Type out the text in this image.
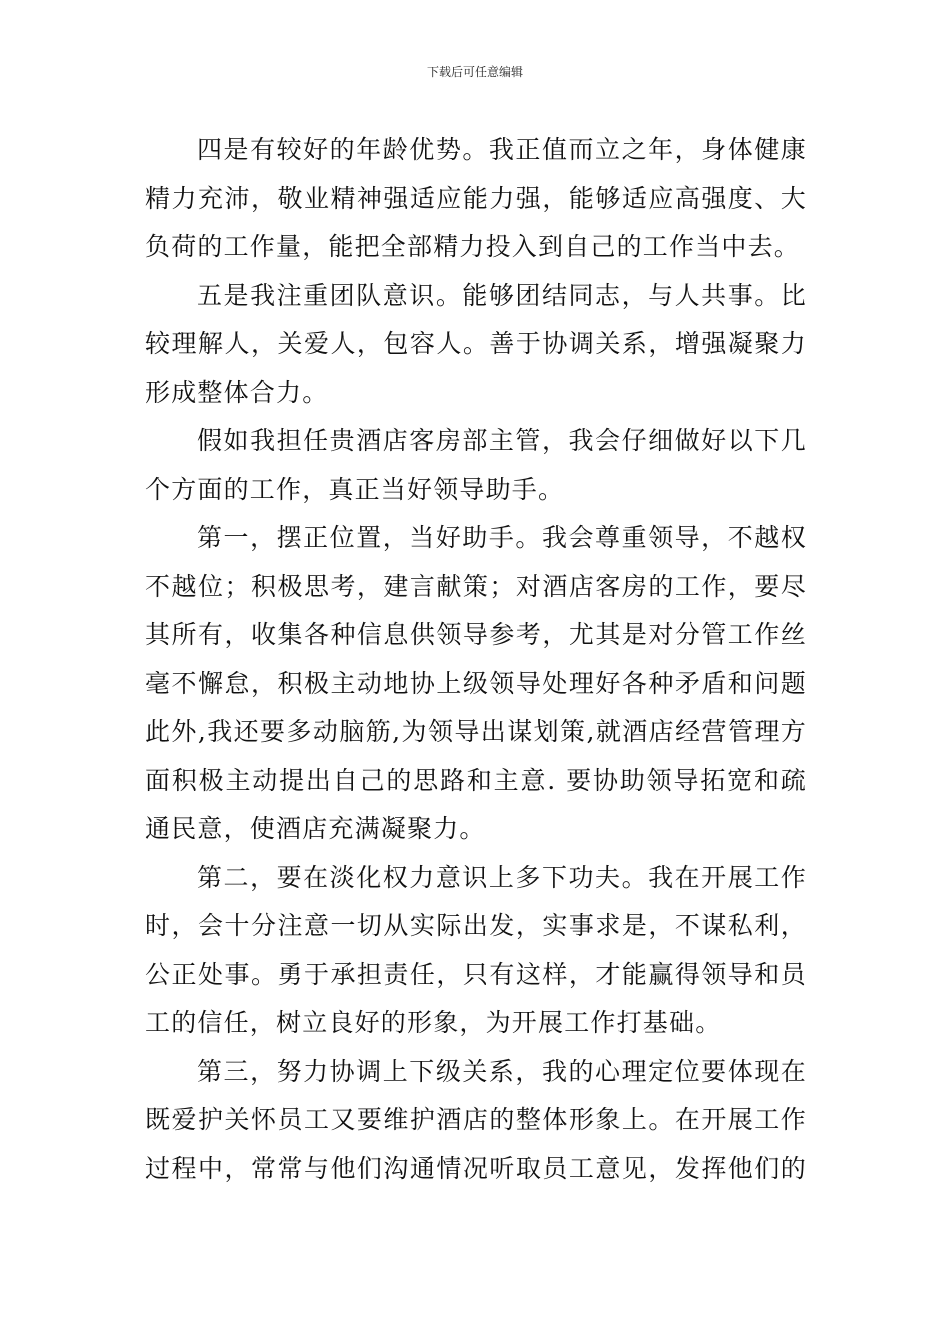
下载后可任意编辑
四是有较好的年龄优势。我正值而立之年，身体健康
精力充沛，敬业精神强适应能力强，能够适应高强度、大
负荷的工作量，能把全部精力投入到自己的工作当中去。
五是我注重团队意识。能够团结同志，与人共事。比
较理解人，关爱人，包容人。善于协调关系，增强凝聚力
形成整体合力。
假如我担任贵酒店客房部主管，我会仔细做好以下几
个方面的工作，真正当好领导助手。
第一，摆正位置，当好助手。我会尊重领导，不越权
不越位；积极思考，建言献策；对酒店客房的工作，要尽
其所有，收集各种信息供领导参考，尤其是对分管工作丝
毫不懈怠，积极主动地协上级领导处理好各种矛盾和问题
此外,我还要多动脑筋,为领导出谋划策,就酒店经营管理方
面积极主动提出自己的思路和主意. 要协助领导拓宽和疏
通民意，使酒店充满凝聚力。
第二，要在淡化权力意识上多下功夫。我在开展工作
时，会十分注意一切从实际出发，实事求是，不谋私利，
公正处事。勇于承担责任，只有这样，才能赢得领导和员
工的信任，树立良好的形象，为开展工作打基础。
第三，努力协调上下级关系，我的心理定位要体现在
既爱护关怀员工又要维护酒店的整体形象上。在开展工作
过程中，常常与他们沟通情况听取员工意见，发挥他们的
